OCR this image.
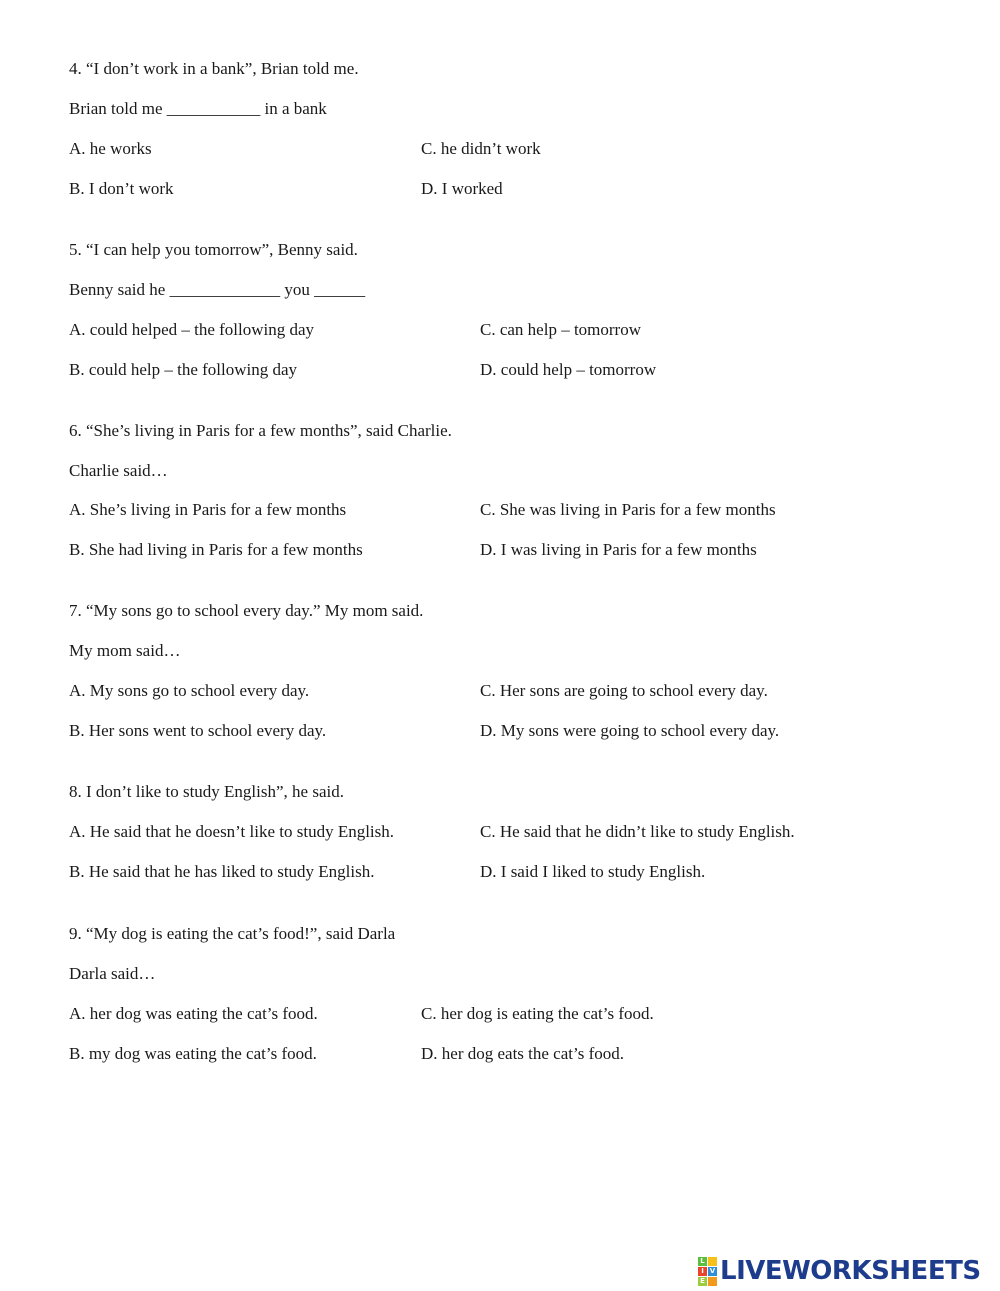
4. “I don’t work in a bank”, Brian told me.
Brian told me ___________ in a bank
A. he works	C. he didn’t work
B. I don’t work	D. I worked
5. “I can help you tomorrow”, Benny said.
Benny said he _____________ you ______
A. could helped – the following day	C. can help – tomorrow
B. could help – the following day	D. could help – tomorrow
6. “She’s living in Paris for a few months”, said Charlie.
Charlie said…
A. She’s living in Paris for a few months	C. She was living in Paris for a few months
B. She had living in Paris for a few months	D. I was living in Paris for a few months
7. “My sons go to school every day.” My mom said.
My mom said…
A. My sons go to school every day.	C. Her sons are going to school every day.
B. Her sons went to school every day.	D. My sons were going to school every day.
8. I don’t like to study English”, he said.
A. He said that he doesn’t like to study English.	C. He said that he didn’t like to study English.
B. He said that he has liked to study English.	D. I said I liked to study English.
9. “My dog is eating the cat’s food!”, said Darla
Darla said…
A. her dog was eating the cat’s food.	C. her dog is eating the cat’s food.
B. my dog was eating the cat’s food.	D. her dog eats the cat’s food.
L
I V
E LIVEWORKSHEETS
